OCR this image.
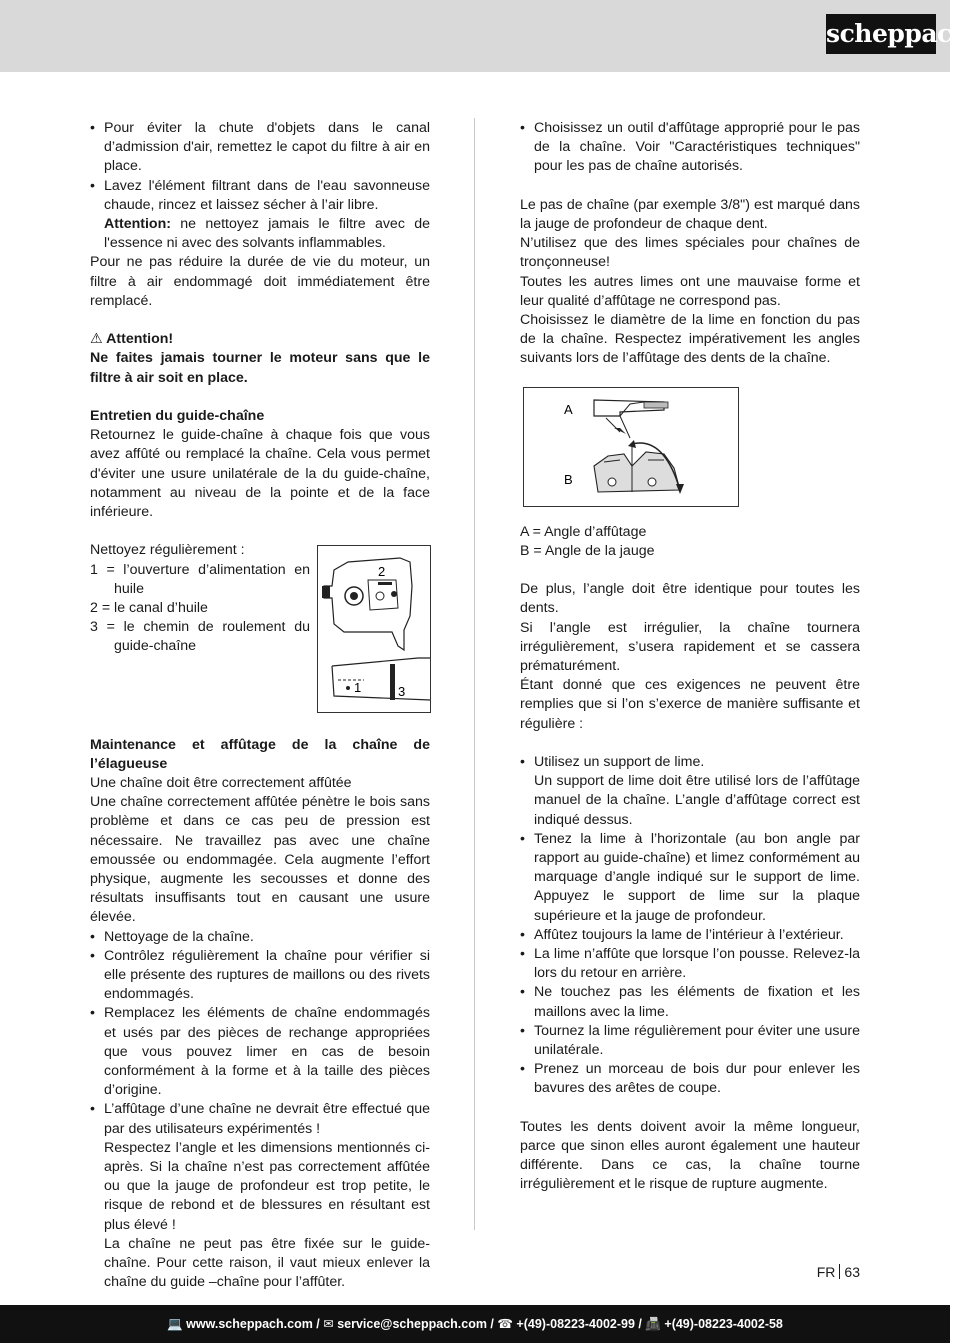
scheppach
• Pour éviter la chute d'objets dans le canal d’admission d'air, remettez le capot du filtre à air en place.
• Lavez l'élément filtrant dans de l'eau savonneuse chaude, rincez et laissez sécher à l’air libre.

Attention: ne nettoyez jamais le filtre avec de l'essence ni avec des solvants inflammables.

Pour ne pas réduire la durée de vie du moteur, un filtre à air endommagé doit immédiatement être remplacé.

⚠ Attention!

Ne faites jamais tourner le moteur sans que le filtre à air soit en place.

Entretien du guide-chaîne

Retournez le guide-chaîne à chaque fois que vous avez affûté ou remplacé la chaîne. Cela vous permet d'éviter une usure unilatérale de la du guide-chaîne, notamment au niveau de la pointe et de la face inférieure.

Nettoyez régulièrement :

1 = l’ouverture d’alimentation en huile

2 = le canal d’huile

3 = le chemin de roulement du guide-chaîne

2
1	3

Maintenance et affûtage de la chaîne de l’élagueuse

Une chaîne doit être correctement affûtée

Une chaîne correctement affûtée pénètre le bois sans problème et dans ce cas peu de pression est nécessaire. Ne travaillez pas avec une chaîne emoussée ou endommagée. Cela augmente l’effort physique, augmente les secousses et donne des résultats insuffisants tout en causant une usure élevée.

• Nettoyage de la chaîne.
• Contrôlez régulièrement la chaîne pour vérifier si elle présente des ruptures de maillons ou des rivets endommagés.
• Remplacez les éléments de chaîne endommagés et usés par des pièces de rechange appropriées que vous pouvez limer en cas de besoin conformément à la forme et à la taille des pièces d’origine.
• L’affûtage d’une chaîne ne devrait être effectué que par des utilisateurs expérimentés !

Respectez l’angle et les dimensions mentionnés ci-après. Si la chaîne n’est pas correctement affûtée ou que la jauge de profondeur est trop petite, le risque de rebond et de blessures en résultant est plus élevé !

La chaîne ne peut pas être fixée sur le guide-chaîne. Pour cette raison, il vaut mieux enlever la chaîne du guide –chaîne pour l’affûter.

• Choisissez un outil d'affûtage approprié pour le pas de la chaîne. Voir "Caractéristiques techniques" pour les pas de chaîne autorisés.

Le pas de chaîne (par exemple 3/8") est marqué dans la jauge de profondeur de chaque dent.

N’utilisez que des limes spéciales pour chaînes de tronçonneuse!

Toutes les autres limes ont une mauvaise forme et leur qualité d’affûtage ne correspond pas.

Choisissez le diamètre de la lime en fonction du pas de la chaîne. Respectez impérativement les angles suivants lors de l’affûtage des dents de la chaîne.

A
B

A = Angle d’affûtage

B = Angle de la jauge

De plus, l’angle doit être identique pour toutes les dents.

Si l’angle est irrégulier, la chaîne tournera irrégulièrement, s’usera rapidement et se cassera prématurément.

Étant donné que ces exigences ne peuvent être remplies que si l’on s’exerce de manière suffisante et régulière :

• Utilisez un support de lime.

Un support de lime doit être utilisé lors de l’affûtage manuel de la chaîne. L’angle d’affûtage correct est indiqué dessus.

• Tenez la lime à l’horizontale (au bon angle par rapport au guide-chaîne) et limez conformément au marquage d’angle indiqué sur le support de lime. Appuyez le support de lime sur la plaque supérieure et la jauge de profondeur.
• Affûtez toujours la lame de l’intérieur à l’extérieur.
• La lime n’affûte que lorsque l’on pousse. Relevez-la lors du retour en arrière.
• Ne touchez pas les éléments de fixation et les maillons avec la lime.
• Tournez la lime régulièrement pour éviter une usure unilatérale.
• Prenez un morceau de bois dur pour enlever les bavures des arêtes de coupe.

Toutes les dents doivent avoir la même longueur, parce que sinon elles auront également une hauteur différente. Dans ce cas, la chaîne tourne irrégulièrement et le risque de rupture augmente.

FR 63
💻 www.scheppach.com / ✉ service@scheppach.com / ☎ +(49)-08223-4002-99 / 📠 +(49)-08223-4002-58
